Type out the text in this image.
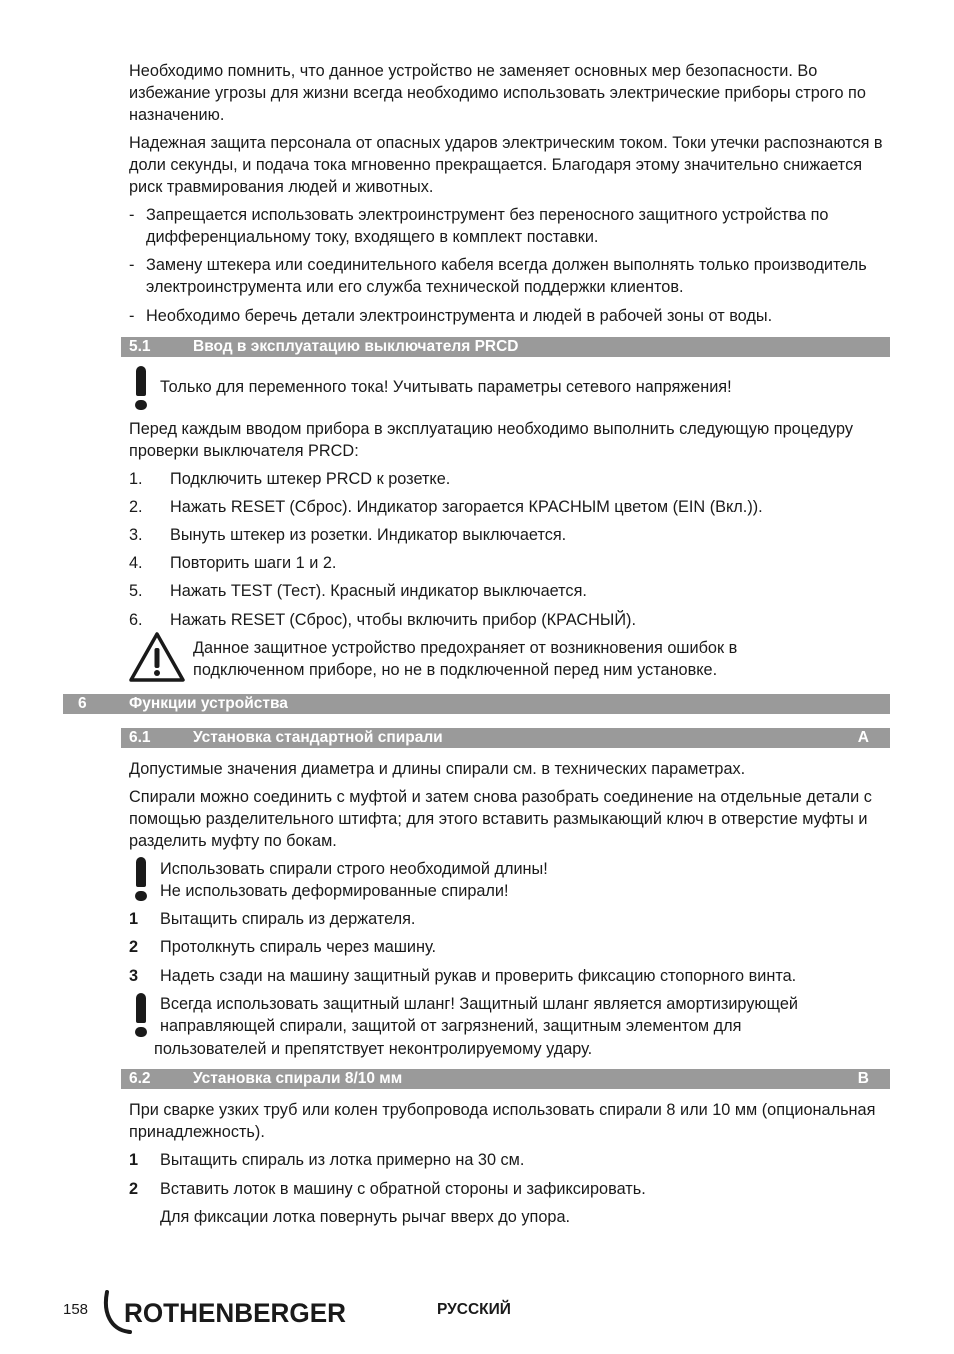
Необходимо помнить, что данное устройство не заменяет основных мер безопасности. Во избежание угрозы для жизни всегда необходимо использовать электрические приборы строго по назначению.
Надежная защита персонала от опасных ударов электрическим током. Токи утечки распознаются в доли секунды, и подача тока мгновенно прекращается. Благодаря этому значительно снижается риск травмирования людей и животных.
- Запрещается использовать электроинструмент без переносного защитного устройства по дифференциальному току, входящего в комплект поставки.
- Замену штекера или соединительного кабеля всегда должен выполнять только производитель электроинструмента или его служба технической поддержки клиентов.
- Необходимо беречь детали электроинструмента и людей в рабочей зоны от воды.
5.1	Ввод в эксплуатацию выключателя PRCD
Только для переменного тока! Учитывать параметры сетевого напряжения!
Перед каждым вводом прибора в эксплуатацию необходимо выполнить следующую процедуру проверки выключателя PRCD:
1. Подключить штекер PRCD к розетке.
2. Нажать RESET (Сброс). Индикатор загорается КРАСНЫМ цветом (EIN (Вкл.)).
3. Вынуть штекер из розетки. Индикатор выключается.
4. Повторить шаги 1 и 2.
5. Нажать TEST (Тест). Красный индикатор выключается.
6. Нажать RESET (Сброс), чтобы включить прибор (КРАСНЫЙ).
Данное защитное устройство предохраняет от возникновения ошибок в подключенном приборе, но не в подключенной перед ним установке.
6	Функции устройства
6.1	Установка стандартной спирали	A
Допустимые значения диаметра и длины спирали см. в технических параметрах.
Спирали можно соединить с муфтой и затем снова разобрать соединение на отдельные детали с помощью разделительного штифта; для этого вставить размыкающий ключ в отверстие муфты и разделить муфту по бокам.
Использовать спирали строго необходимой длины!
Не использовать деформированные спирали!
1 Вытащить спираль из держателя.
2 Протолкнуть спираль через машину.
3 Надеть сзади на машину защитный рукав и проверить фиксацию стопорного винта.
Всегда использовать защитный шланг! Защитный шланг является амортизирующей
направляющей спирали, защитой от загрязнений, защитным элементом для
пользователей и препятствует неконтролируемому удару.
6.2	Установка спирали 8/10 мм	B
При сварке узких труб или колен трубопровода использовать спирали 8 или 10 мм (опциональная принадлежность).
1 Вытащить спираль из лотка примерно на 30 см.
2 Вставить лоток в машину с обратной стороны и зафиксировать.
Для фиксации лотка повернуть рычаг вверх до упора.
158 ROTHENBERGER	РУССКИЙ
